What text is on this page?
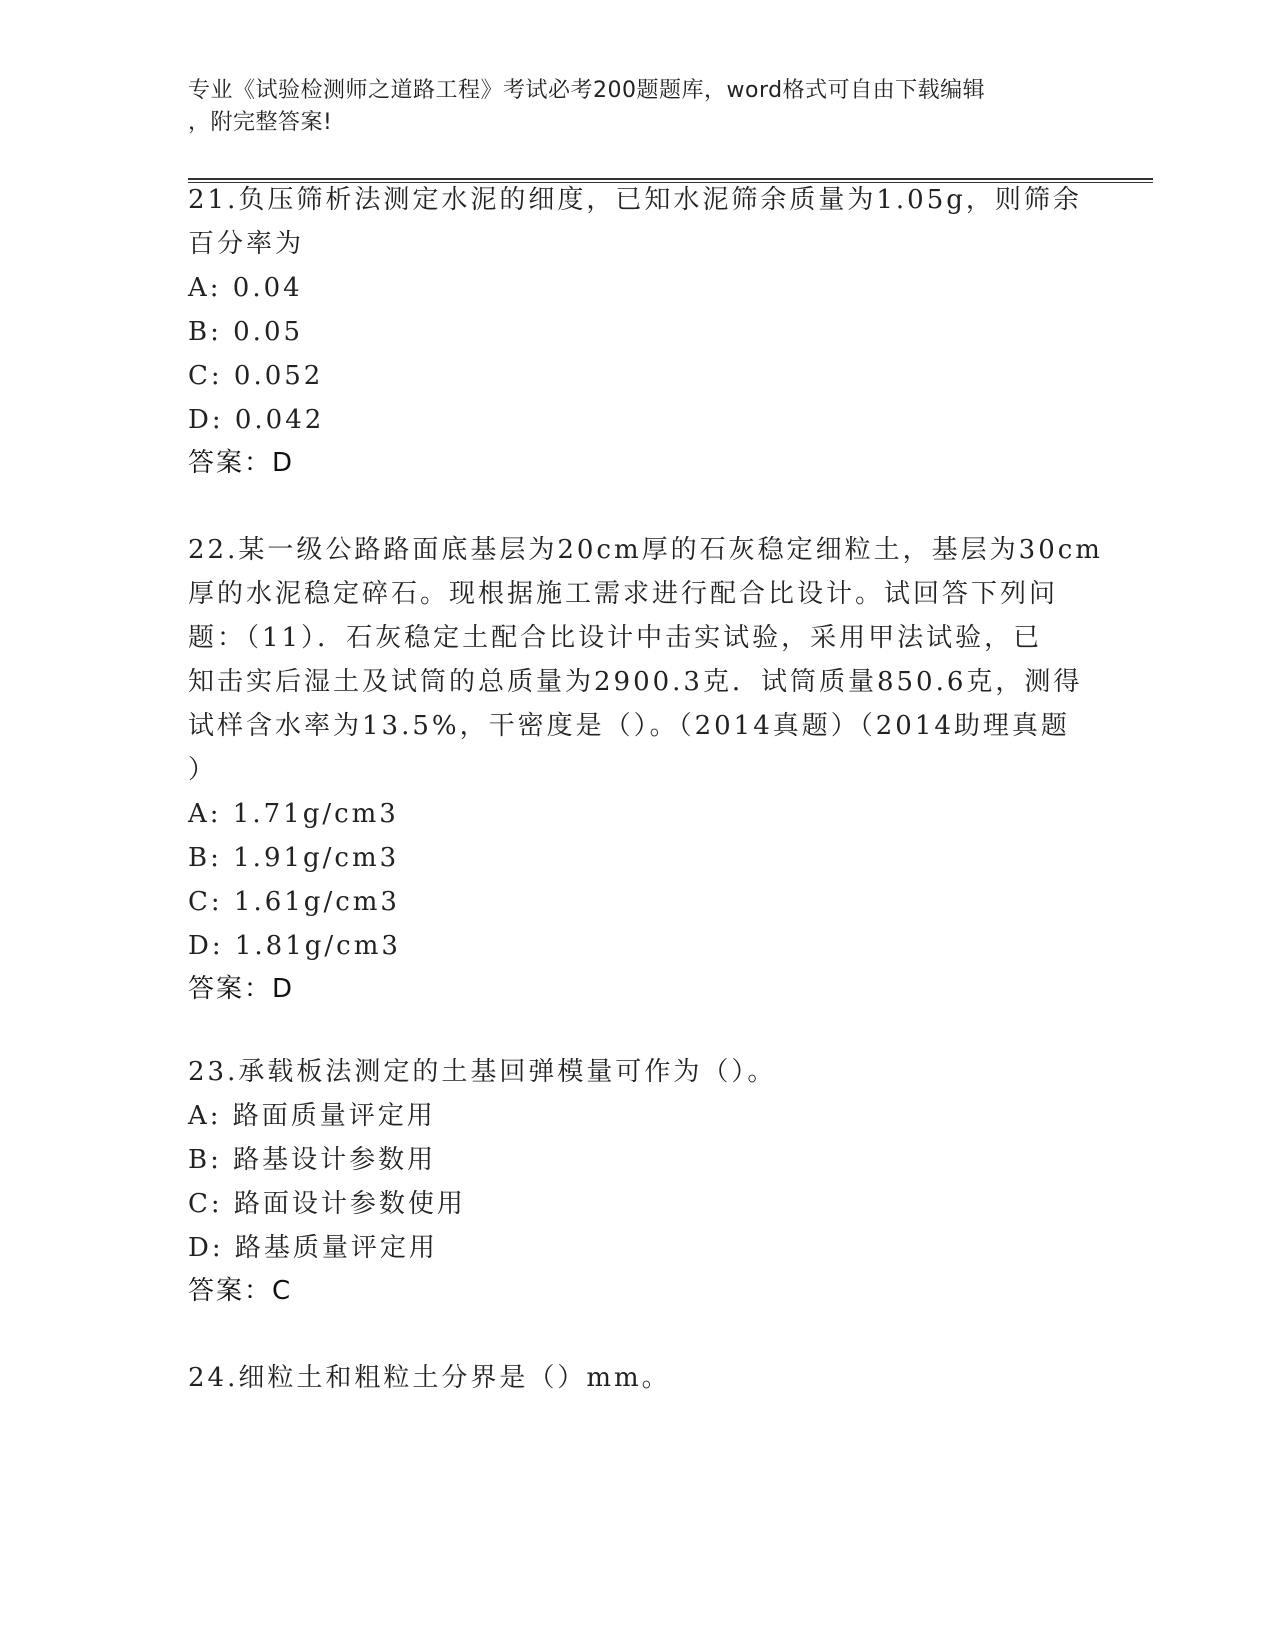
专业《试验检测师之道路工程》考试必考200题题库，word格式可自由下载编辑
，附完整答案!
21.负压筛析法测定水泥的细度，已知水泥筛余质量为1.05g，则筛余
百分率为
A: 0.04
B: 0.05
C: 0.052
D: 0.042
答案：D
22.某一级公路路面底基层为20cm厚的石灰稳定细粒土，基层为30cm
厚的水泥稳定碎石。现根据施工需求进行配合比设计。试回答下列问
题：（11）．石灰稳定土配合比设计中击实试验，采用甲法试验，已
知击实后湿土及试筒的总质量为2900.3克．试筒质量850.6克，测得
试样含水率为13.5%，干密度是（）。（2014真题）（2014助理真题
）
A: 1.71g/cm3
B: 1.91g/cm3
C: 1.61g/cm3
D: 1.81g/cm3
答案：D
23.承载板法测定的土基回弹模量可作为（）。
A: 路面质量评定用
B: 路基设计参数用
C: 路面设计参数使用
D: 路基质量评定用
答案：C
24.细粒土和粗粒土分界是（）mm。
